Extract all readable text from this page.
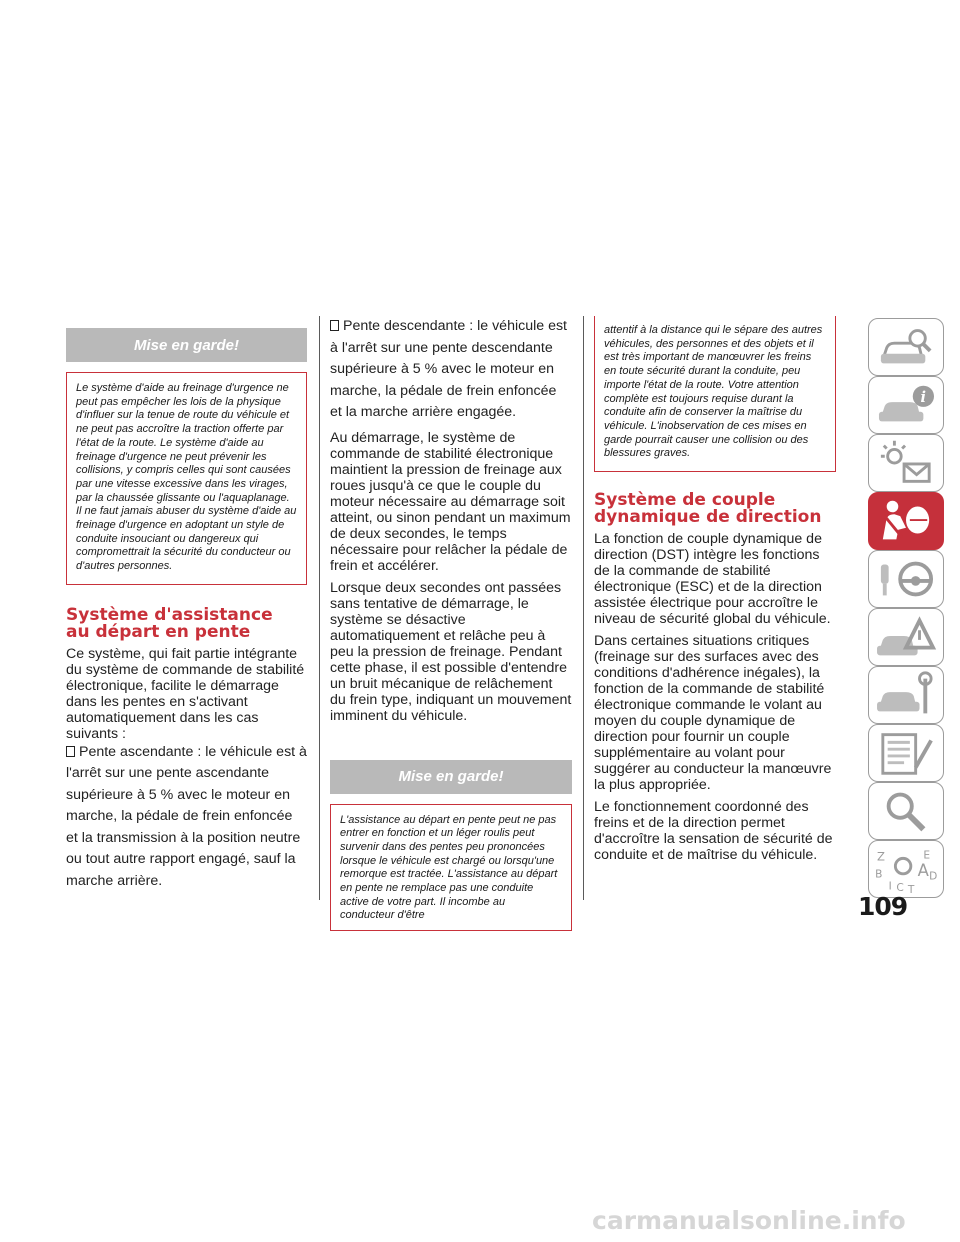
Mise en garde!
Le système d'aide au freinage d'urgence ne peut pas empêcher les lois de la physique d'influer sur la tenue de route du véhicule et ne peut pas accroître la traction offerte par l'état de la route. Le système d'aide au freinage d'urgence ne peut prévenir les collisions, y compris celles qui sont causées par une vitesse excessive dans les virages, par la chaussée glissante ou l'aquaplanage. Il ne faut jamais abuser du système d'aide au freinage d'urgence en adoptant un style de conduite insouciant ou dangereux qui compromettrait la sécurité du conducteur ou d'autres personnes.
Système d'assistance
au départ en pente

Ce système, qui fait partie intégrante du système de commande de stabilité électronique, facilite le démarrage dans les pentes en s'activant automatiquement dans les cas suivants :

Pente ascendante : le véhicule est à l'arrêt sur une pente ascendante supérieure à 5 % avec le moteur en marche, la pédale de frein enfoncée et la transmission à la position neutre ou tout autre rapport engagé, sauf la marche arrière.

Pente descendante : le véhicule est à l'arrêt sur une pente descendante supérieure à 5 % avec le moteur en marche, la pédale de frein enfoncée et la marche arrière engagée.

Au démarrage, le système de commande de stabilité électronique maintient la pression de freinage aux roues jusqu'à ce que le couple du moteur nécessaire au démarrage soit atteint, ou sinon pendant un maximum de deux secondes, le temps nécessaire pour relâcher la pédale de frein et accélérer.

Lorsque deux secondes ont passées sans tentative de démarrage, le système se désactive automatiquement et relâche peu à peu la pression de freinage. Pendant cette phase, il est possible d'entendre un bruit mécanique de relâchement du frein type, indiquant un mouvement imminent du véhicule.

Mise en garde!
L'assistance au départ en pente peut ne pas entrer en fonction et un léger roulis peut survenir dans des pentes peu prononcées lorsque le véhicule est chargé ou lorsqu'une remorque est tractée. L'assistance au départ en pente ne remplace pas une conduite active de votre part. Il incombe au conducteur d'être
attentif à la distance qui le sépare des autres véhicules, des personnes et des objets et il est très important de manœuvrer les freins en toute sécurité durant la conduite, peu importe l'état de la route. Votre attention complète est toujours requise durant la conduite afin de conserver la maîtrise du véhicule. L'inobservation de ces mises en garde pourrait causer une collision ou des blessures graves.
Système de couple
dynamique de direction

La fonction de couple dynamique de direction (DST) intègre les fonctions de la commande de stabilité électronique (ESC) et de la direction assistée électrique pour accroître le niveau de sécurité global du véhicule.

Dans certaines situations critiques (freinage sur des surfaces avec des conditions d'adhérence inégales), la fonction de la commande de stabilité électronique commande le volant au moyen du couple dynamique de direction pour fournir un couple supplémentaire au volant pour suggérer au conducteur la manœuvre la plus appropriée.

Le fonctionnement coordonné des freins et de la direction permet d'accroître la sensation de sécurité de conduite et de maîtrise du véhicule.

i
Z	E
B A
I C T
D
109
carmanualsonline.info
